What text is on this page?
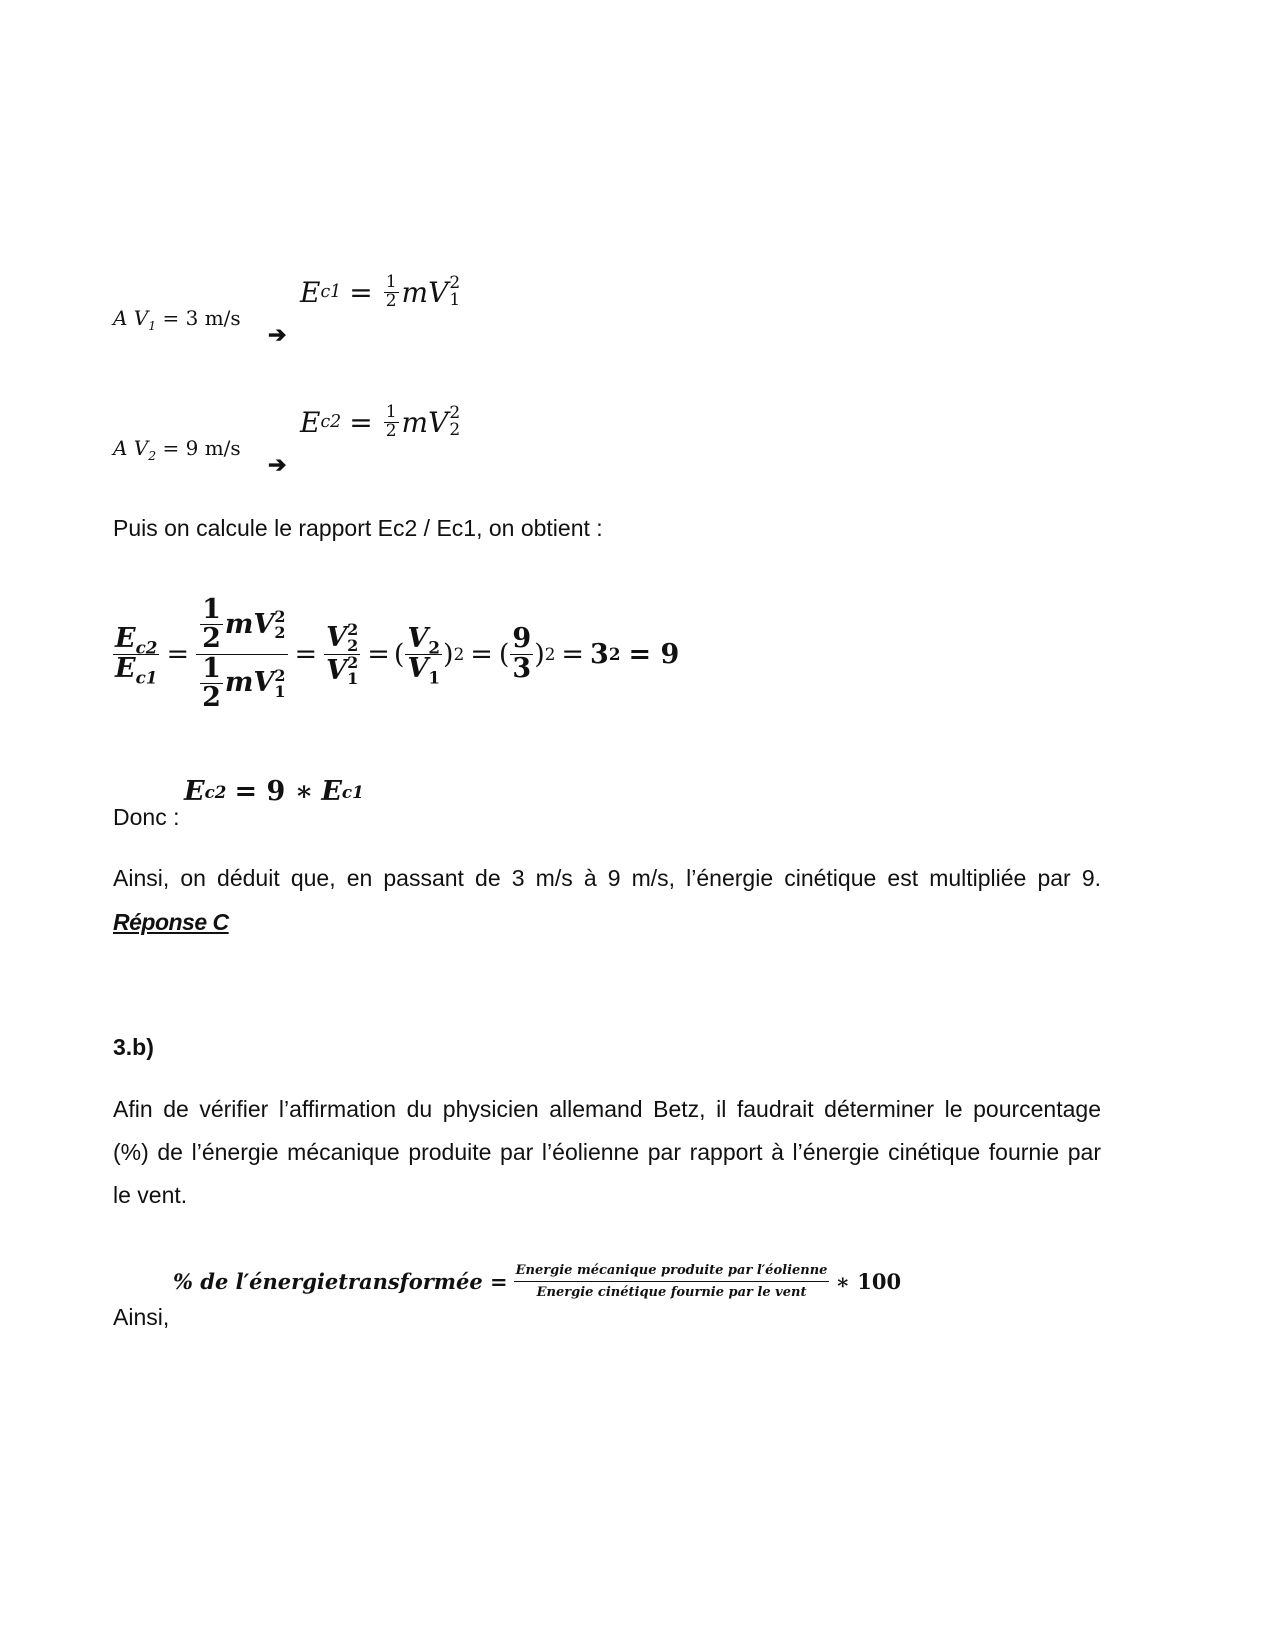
A $V_1 = 3$ m/s
➔
E $c1 = \frac{1}{2}$ mV 2
1
A $V_2 = 9$ m/s
➔
E $c2 = \frac{1}{2}$ mV 2
2
Puis on calcule le rapport Ec2 / Ec1, on obtient :
$\frac{E_{c2}}{E_{c1}} = \frac{1}{2}$ mV 2
2
$\frac{1}{2}$ mV 2
1 = V 2
2
V 2
1 = ( $\frac{V_2}{V_1}$ ) 2 = ( $\frac{9}{3}$ ) 2 = 3 2 = 9
E c2 = 9 ∗ E c1
Donc :
Ainsi, on déduit que, en passant de 3 m/s à 9 m/s, l’énergie cinétique est multipliée par 9.
Réponse C
3.b)
Afin de vérifier l’affirmation du physicien allemand Betz, il faudrait déterminer le pourcentage
(%) de l’énergie mécanique produite par l’éolienne par rapport à l’énergie cinétique fournie par
le vent.
% de l′énergietransformée = $\frac{\text{Energie mécanique produite par l′éolienne}}{\text{Energie cinétique fournie par le vent}}$ ∗ 100
Ainsi,
